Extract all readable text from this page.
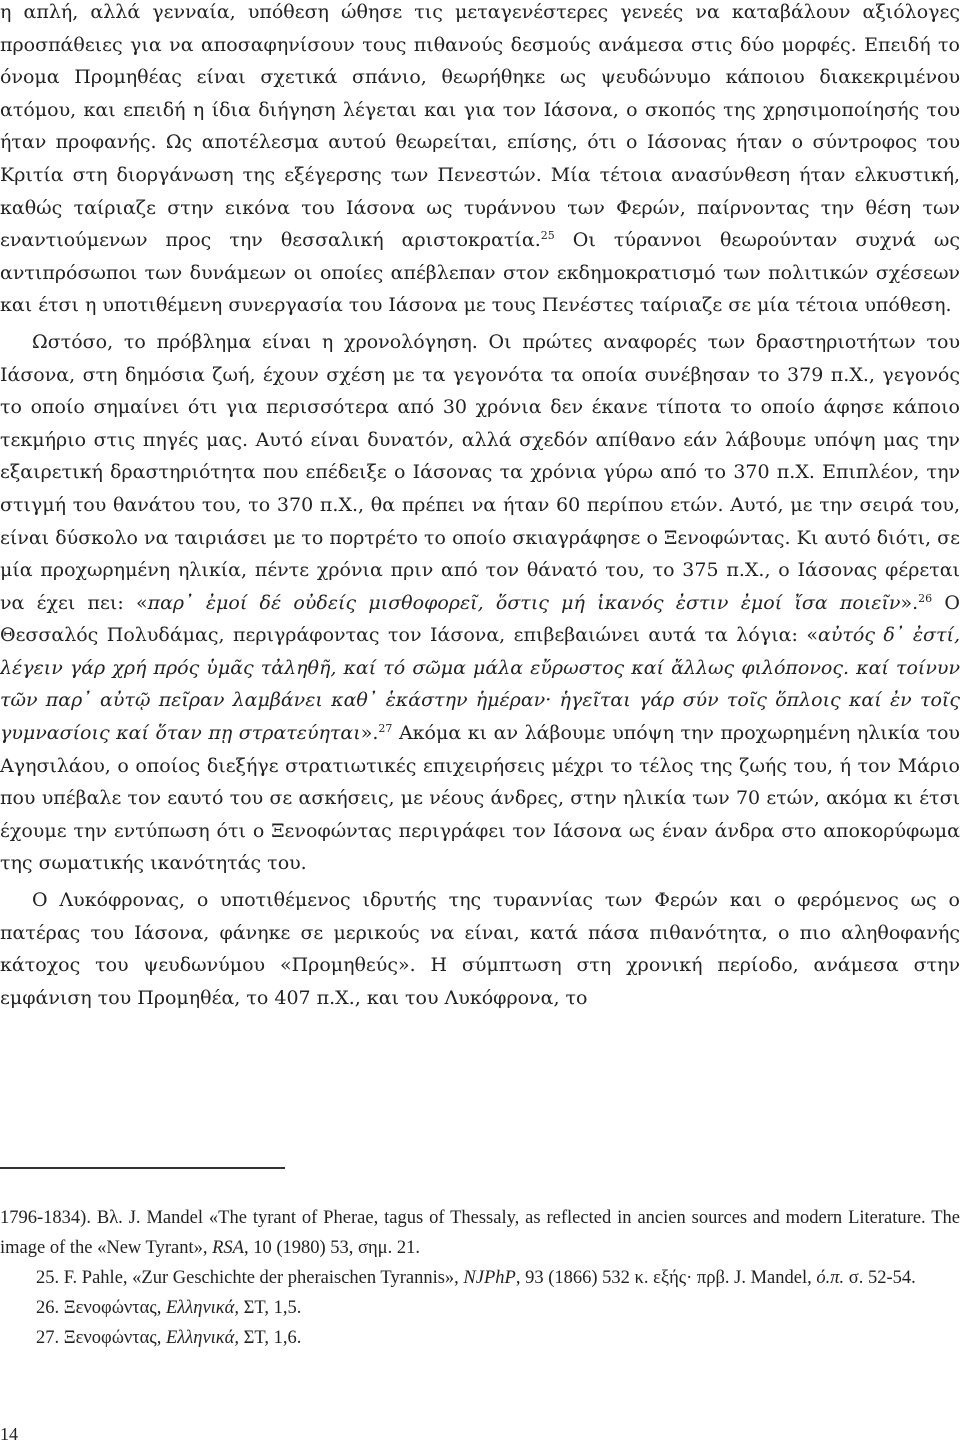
η απλή, αλλά γενναία, υπόθεση ώθησε τις μεταγενέστερες γενεές να καταβάλουν αξιόλογες προσπάθειες για να αποσαφηνίσουν τους πιθανούς δεσμούς ανάμεσα στις δύο μορφές. Επειδή το όνομα Προμηθέας είναι σχετικά σπάνιο, θεωρήθηκε ως ψευδώνυμο κάποιου διακεκριμένου ατόμου, και επειδή η ίδια διήγηση λέγεται και για τον Ιάσονα, ο σκοπός της χρησιμοποίησής του ήταν προφανής. Ως αποτέλεσμα αυτού θεωρείται, επίσης, ότι ο Ιάσονας ήταν ο σύντροφος του Κριτία στη διοργάνωση της εξέγερσης των Πενεστών. Μία τέτοια ανασύνθεση ήταν ελκυστική, καθώς ταίριαζε στην εικόνα του Ιάσονα ως τυράννου των Φερών, παίρνοντας την θέση των εναντιούμενων προς την θεσσαλική αριστοκρατία.$^{25}$ Οι τύραννοι θεωρούνταν συχνά ως αντιπρόσωποι των δυνάμεων οι οποίες απέβλεπαν στον εκδημοκρατισμό των πολιτικών σχέσεων και έτσι η υποτιθέμενη συνεργασία του Ιάσονα με τους Πενέστες ταίριαζε σε μία τέτοια υπόθεση.

Ωστόσο, το πρόβλημα είναι η χρονολόγηση. Οι πρώτες αναφορές των δραστηριοτήτων του Ιάσονα, στη δημόσια ζωή, έχουν σχέση με τα γεγονότα τα οποία συνέβησαν το 379 π.Χ., γεγονός το οποίο σημαίνει ότι για περισσότερα από 30 χρόνια δεν έκανε τίποτα το οποίο άφησε κάποιο τεκμήριο στις πηγές μας. Αυτό είναι δυνατόν, αλλά σχεδόν απίθανο εάν λάβουμε υπόψη μας την εξαιρετική δραστηριότητα που επέδειξε ο Ιάσονας τα χρόνια γύρω από το 370 π.Χ. Επιπλέον, την στιγμή του θανάτου του, το 370 π.Χ., θα πρέπει να ήταν 60 περίπου ετών. Αυτό, με την σειρά του, είναι δύσκολο να ταιριάσει με το πορτρέτο το οποίο σκιαγράφησε ο Ξενοφώντας. Κι αυτό διότι, σε μία προχωρημένη ηλικία, πέντε χρόνια πριν από τον θάνατό του, το 375 π.Χ., ο Ιάσονας φέρεται να έχει πει: «παρ᾽ ἐμοί δέ οὐδείς μισθοφορεῖ, ὅστις μή ἱκανός ἐστιν ἐμοί ἴσα ποιεῖν».$^{26}$ Ο Θεσσαλός Πολυδάμας, περιγράφοντας τον Ιάσονα, επιβεβαιώνει αυτά τα λόγια: «αὐτός δ᾽ ἐστί, λέγειν γάρ χρή πρός ὑμᾶς τἀληθῆ, καί τό σῶμα μάλα εὔρωστος καί ἄλλως φιλόπονος. καί τοίνυν τῶν παρ᾽ αὐτῷ πεῖραν λαμβάνει καθ᾽ ἑκάστην ἡμέραν· ἡγεῖται γάρ σύν τοῖς ὅπλοις καί ἐν τοῖς γυμνασίοις καί ὅταν πῃ στρατεύηται».$^{27}$ Ακόμα κι αν λάβουμε υπόψη την προχωρημένη ηλικία του Αγησιλάου, ο οποίος διεξήγε στρατιωτικές επιχειρήσεις μέχρι το τέλος της ζωής του, ή τον Μάριο που υπέβαλε τον εαυτό του σε ασκήσεις, με νέους άνδρες, στην ηλικία των 70 ετών, ακόμα κι έτσι έχουμε την εντύπωση ότι ο Ξενοφώντας περιγράφει τον Ιάσονα ως έναν άνδρα στο αποκορύφωμα της σωματικής ικανότητάς του.

Ο Λυκόφρονας, ο υποτιθέμενος ιδρυτής της τυραννίας των Φερών και ο φερόμενος ως ο πατέρας του Ιάσονα, φάνηκε σε μερικούς να είναι, κατά πάσα πιθανότητα, ο πιο αληθοφανής κάτοχος του ψευδωνύμου «Προμηθεύς». Η σύμπτωση στη χρονική περίοδο, ανάμεσα στην εμφάνιση του Προμηθέα, το 407 π.Χ., και του Λυκόφρονα, το

1796-1834). Βλ. J. Mandel «The tyrant of Pherae, tagus of Thessaly, as reflected in ancien sources and modern Literature. The image of the «New Tyrant», RSA, 10 (1980) 53, σημ. 21.

25. F. Pahle, «Zur Geschichte der pheraischen Tyrannis», NJPhP, 93 (1866) 532 κ. εξής· πρβ. J. Mandel, ό.π. σ. 52-54.

26. Ξενοφώντας, Ελληνικά, ΣΤ, 1,5.

27. Ξενοφώντας, Ελληνικά, ΣΤ, 1,6.

14
